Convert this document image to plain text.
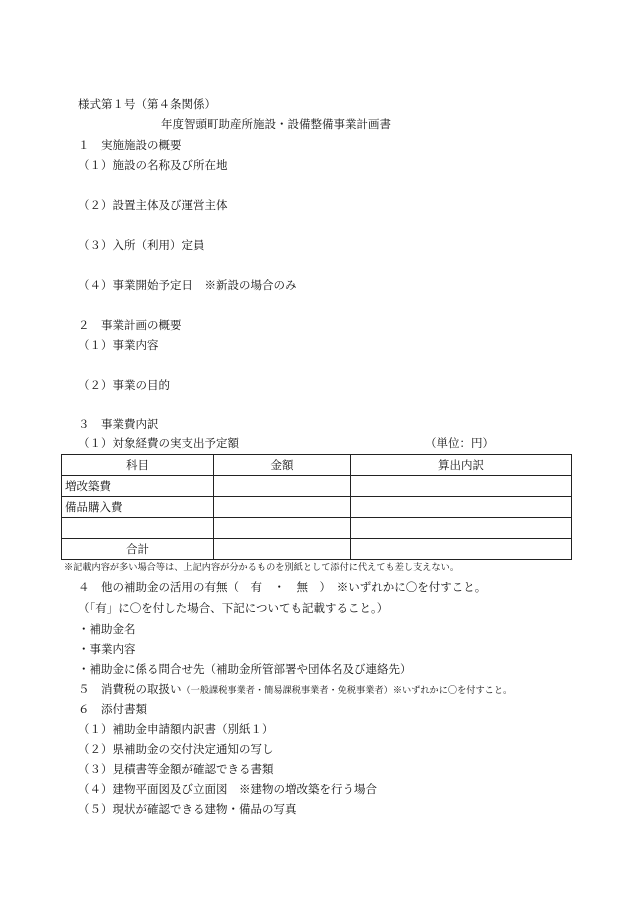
様式第１号（第４条関係）
年度智頭町助産所施設・設備整備事業計画書
１　実施施設の概要
（１）施設の名称及び所在地
（２）設置主体及び運営主体
（３）入所（利用）定員
（４）事業開始予定日　※新設の場合のみ
２　事業計画の概要
（１）事業内容
（２）事業の目的
３　事業費内訳
（１）対象経費の実支出予定額	（単位：円）
科目	金額	算出内訳
増改築費		
備品購入費		

合計		
※記載内容が多い場合等は、上記内容が分かるものを別紙として添付に代えても差し支えない。
４　他の補助金の活用の有無（　有　・　無　）　※いずれかに〇を付すこと。
（「有」に〇を付した場合、下記についても記載すること。）
・補助金名
・事業内容
・補助金に係る問合せ先（補助金所管部署や団体名及び連絡先）
５　消費税の取扱い（一般課税事業者・簡易課税事業者・免税事業者）※いずれかに〇を付すこと。
６　添付書類
（１）補助金申請額内訳書（別紙１）
（２）県補助金の交付決定通知の写し
（３）見積書等金額が確認できる書類
（４）建物平面図及び立面図　※建物の増改築を行う場合
（５）現状が確認できる建物・備品の写真
